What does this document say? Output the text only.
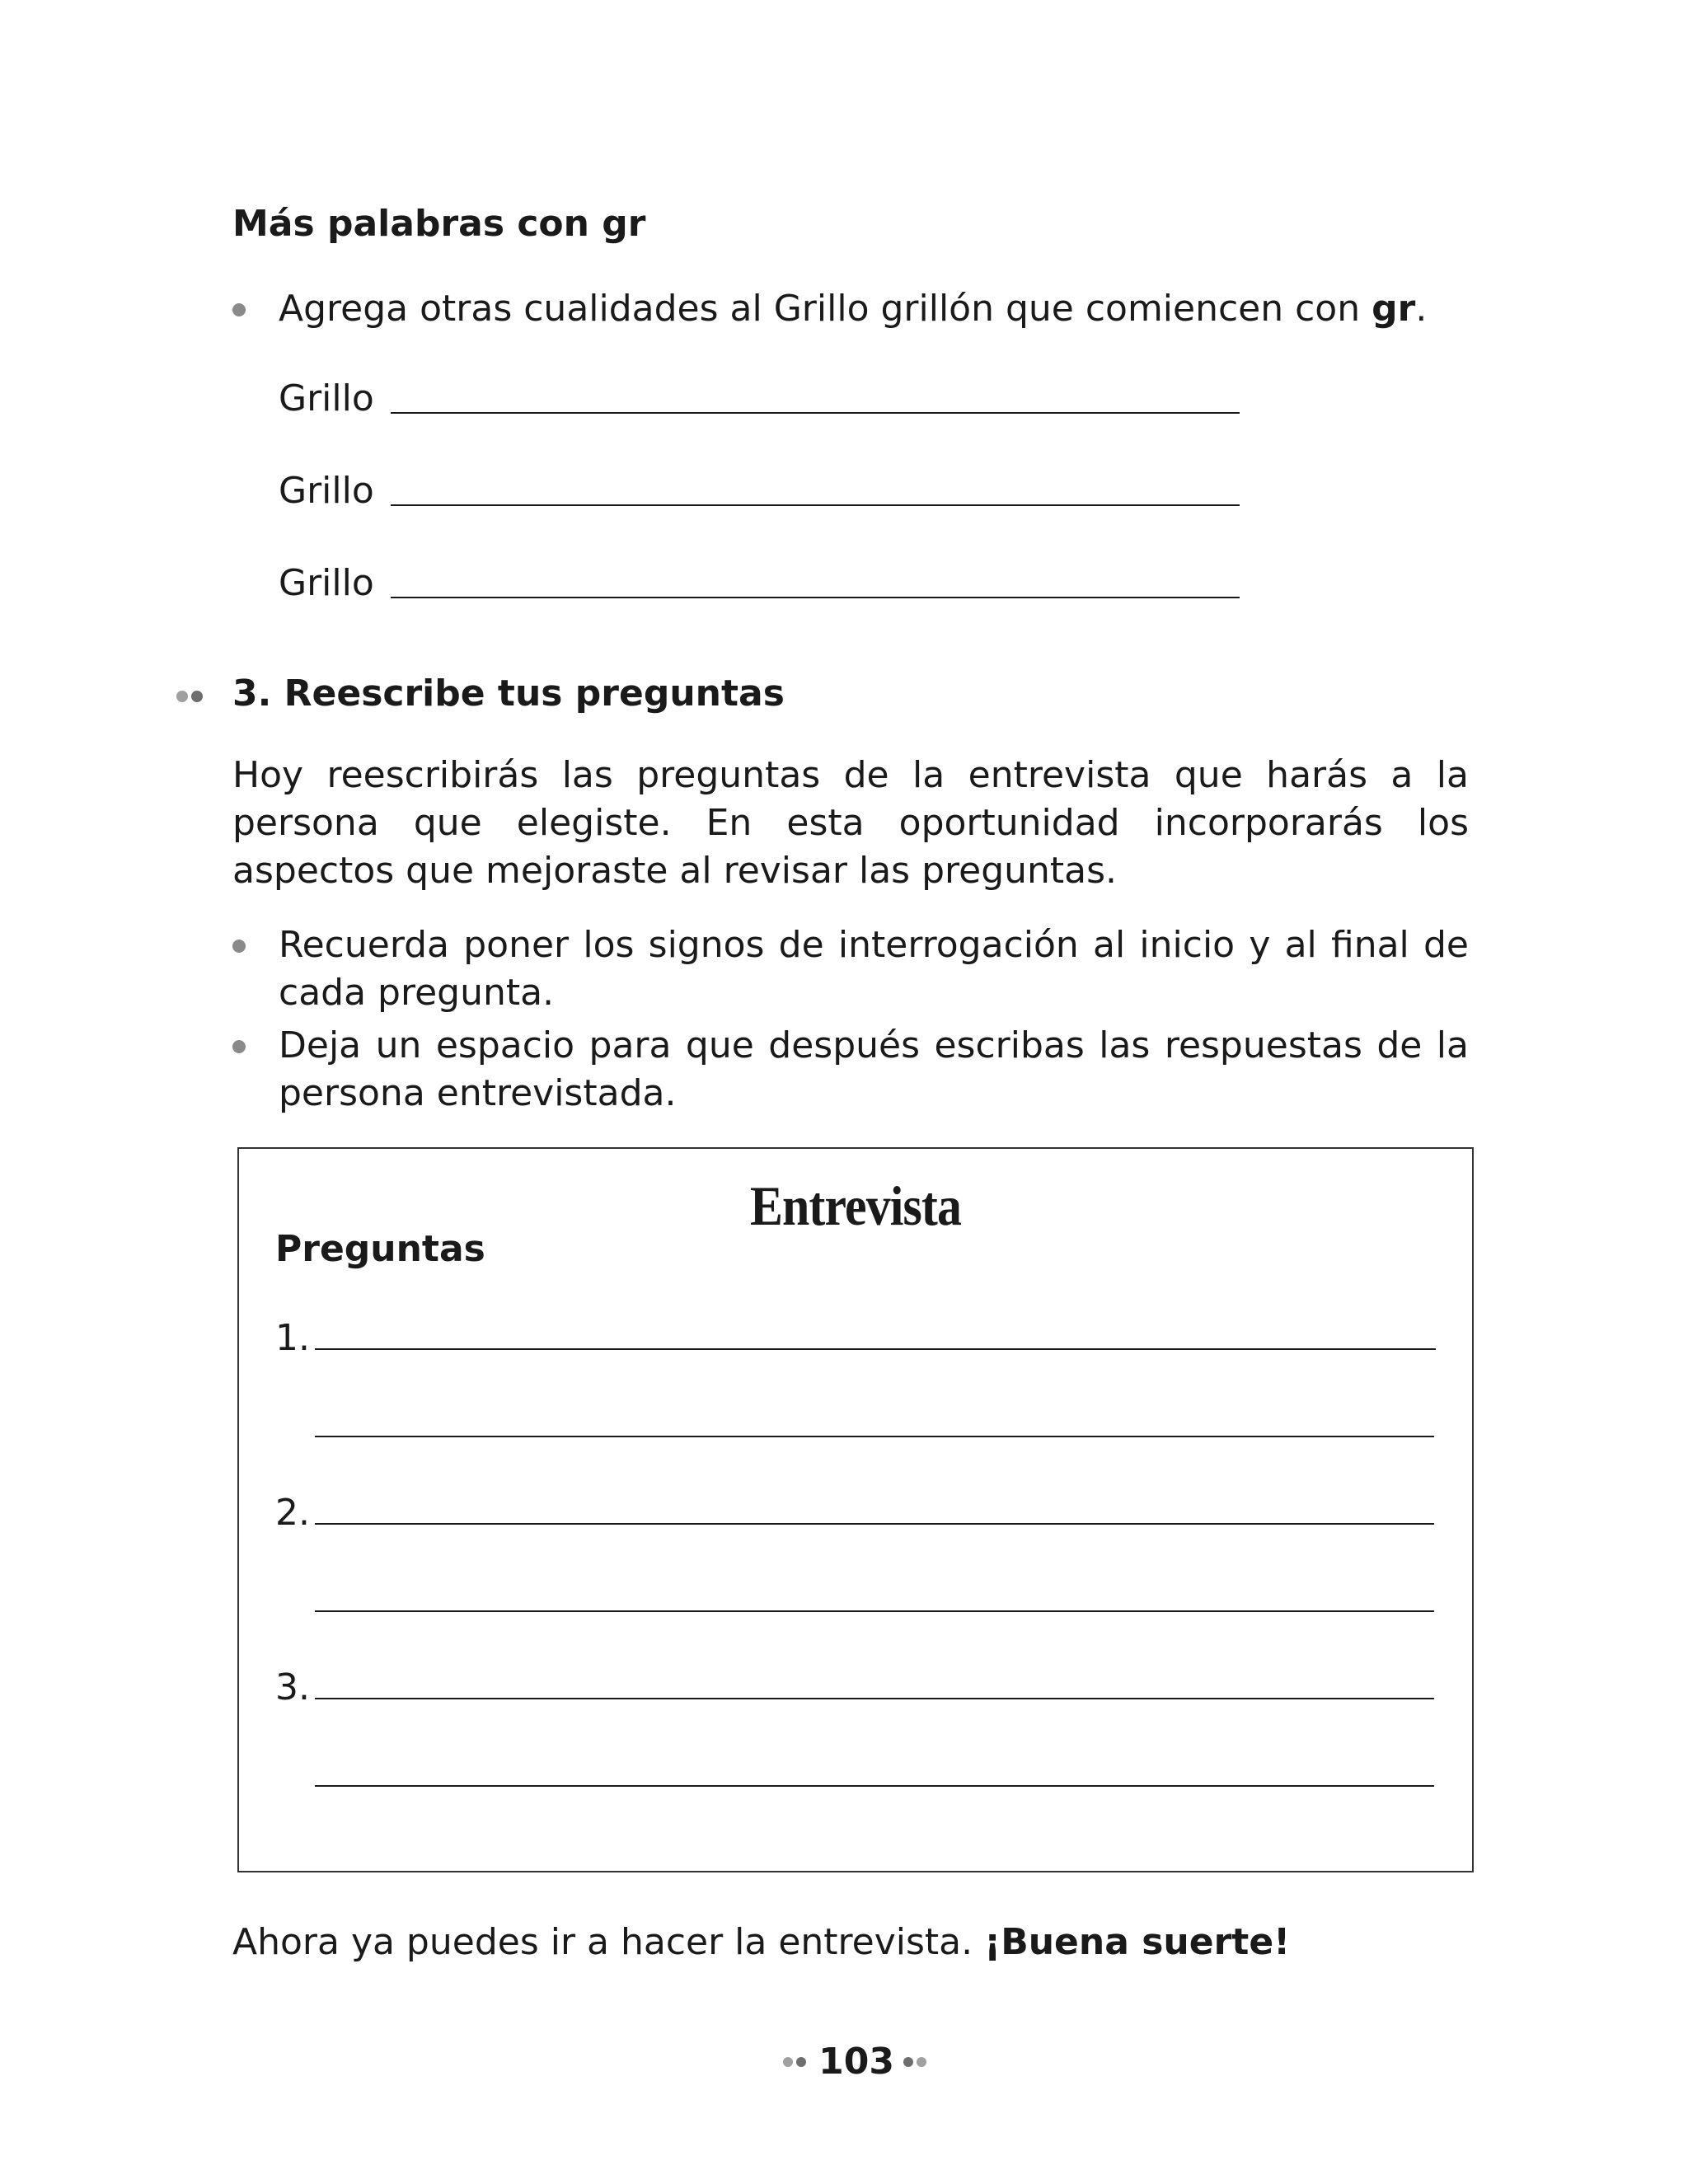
Más palabras con gr
Agrega otras cualidades al Grillo grillón que comiencen con gr.
Grillo
Grillo
Grillo
3. Reescribe tus preguntas
Hoy reescribirás las preguntas de la entrevista que harás a la persona que elegiste. En esta oportunidad incorporarás los aspectos que mejoraste al revisar las preguntas.
Recuerda poner los signos de interrogación al inicio y al final de cada pregunta.
Deja un espacio para que después escribas las respuestas de la persona entrevistada.
Entrevista
Preguntas
1.
2.
3.
Ahora ya puedes ir a hacer la entrevista. ¡Buena suerte!
103
